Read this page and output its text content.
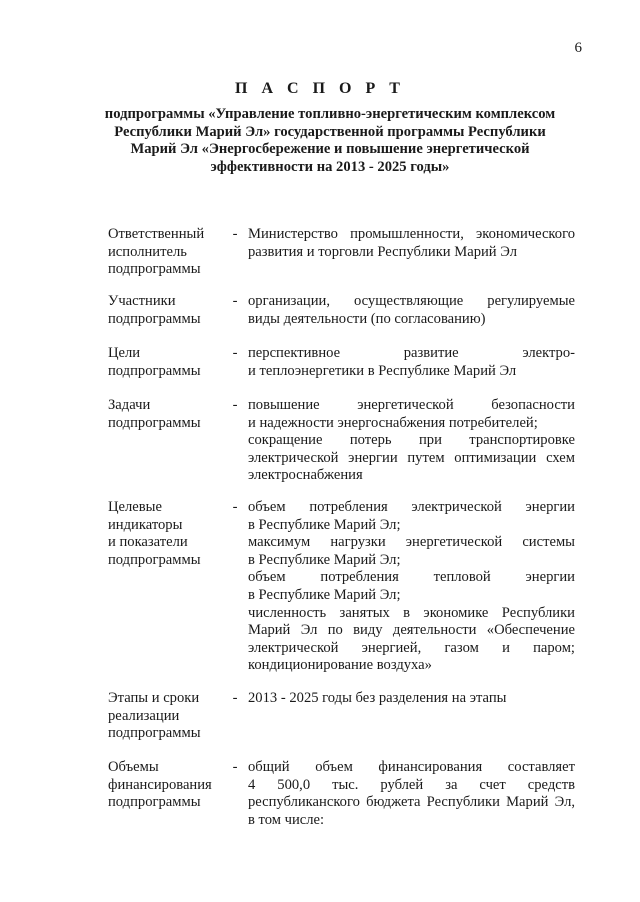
6
П А С П О Р Т
подпрограммы «Управление топливно-энергетическим комплексом
Республики Марий Эл» государственной программы Республики
Марий Эл «Энергосбережение и повышение энергетической
эффективности на 2013 - 2025 годы»
Ответственный
исполнитель
подпрограммы
- Министерство промышленности, экономического
развития и торговли Республики Марий Эл
Участники
подпрограммы
- организации, осуществляющие регулируемые
виды деятельности (по согласованию)
Цели
подпрограммы
- перспективное развитие электро-
и теплоэнергетики в Республике Марий Эл
Задачи
подпрограммы
- повышение энергетической безопасности
и надежности энергоснабжения потребителей;
сокращение потерь при транспортировке
электрической энергии путем оптимизации схем
электроснабжения
Целевые
индикаторы
и показатели
подпрограммы
- объем потребления электрической энергии
в Республике Марий Эл;
максимум нагрузки энергетической системы
в Республике Марий Эл;
объем потребления тепловой энергии
в Республике Марий Эл;
численность занятых в экономике Республики
Марий Эл по виду деятельности «Обеспечение
электрической энергией, газом и паром;
кондиционирование воздуха»
Этапы и сроки
реализации
подпрограммы
- 2013 - 2025 годы без разделения на этапы
Объемы
финансирования
подпрограммы
- общий объем финансирования составляет
4 500,0 тыс. рублей за счет средств
республиканского бюджета Республики Марий Эл,
в том числе:
